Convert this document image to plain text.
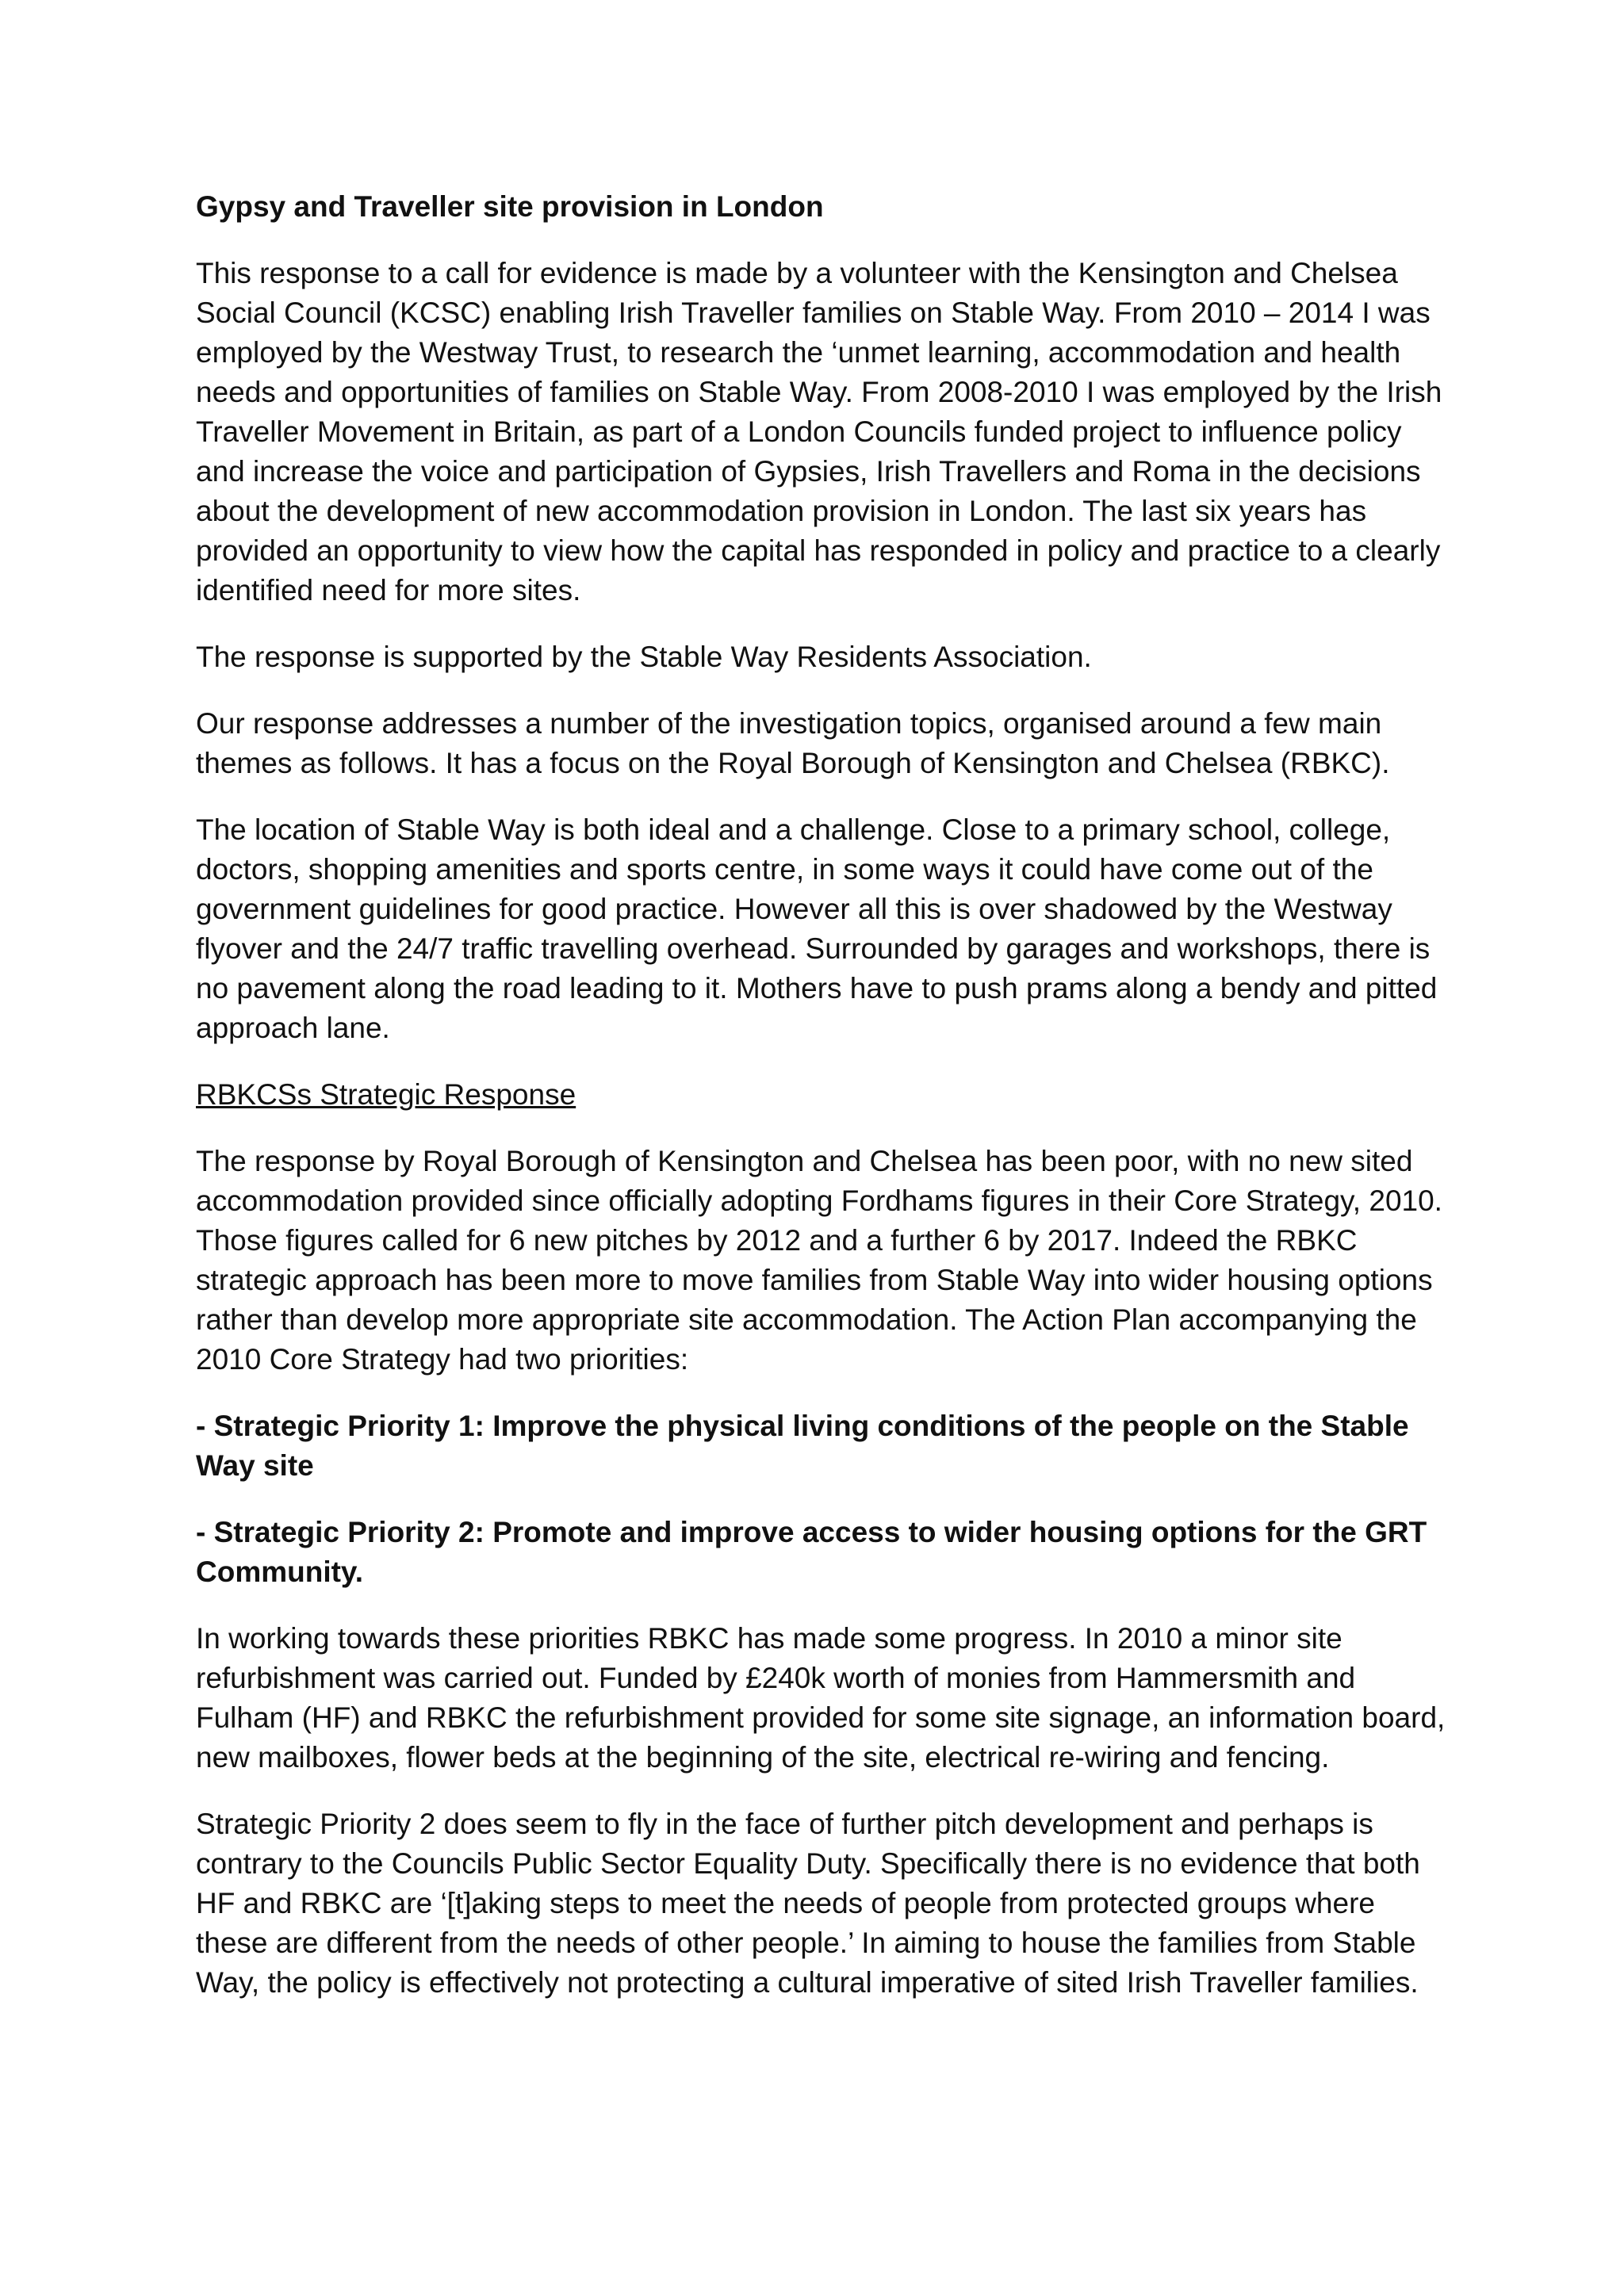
Gypsy and Traveller site provision in London

This response to a call for evidence is made by a volunteer with the Kensington and Chelsea Social Council (KCSC) enabling Irish Traveller families on Stable Way. From 2010 – 2014 I was employed by the Westway Trust, to research the ‘unmet learning, accommodation and health needs and opportunities of families on Stable Way. From 2008-2010 I was employed by the Irish Traveller Movement in Britain, as part of a London Councils funded project to influence policy and increase the voice and participation of Gypsies, Irish Travellers and Roma in the decisions about the development of new accommodation provision in London. The last six years has provided an opportunity to view how the capital has responded in policy and practice to a clearly identified need for more sites.

The response is supported by the Stable Way Residents Association.

Our response addresses a number of the investigation topics, organised around a few main themes as follows. It has a focus on the Royal Borough of Kensington and Chelsea (RBKC).

The location of Stable Way is both ideal and a challenge. Close to a primary school, college, doctors, shopping amenities and sports centre, in some ways it could have come out of the government guidelines for good practice. However all this is over shadowed by the Westway flyover and the 24/7 traffic travelling overhead. Surrounded by garages and workshops, there is no pavement along the road leading to it. Mothers have to push prams along a bendy and pitted approach lane.

RBKCSs Strategic Response

The response by Royal Borough of Kensington and Chelsea has been poor, with no new sited accommodation provided since officially adopting Fordhams figures in their Core Strategy, 2010. Those figures called for 6 new pitches by 2012 and a further 6 by 2017. Indeed the RBKC strategic approach has been more to move families from Stable Way into wider housing options rather than develop more appropriate site accommodation. The Action Plan accompanying the 2010 Core Strategy had two priorities:

- Strategic Priority 1: Improve the physical living conditions of the people on the Stable Way site

- Strategic Priority 2: Promote and improve access to wider housing options for the GRT Community.

In working towards these priorities RBKC has made some progress. In 2010 a minor site refurbishment was carried out. Funded by £240k worth of monies from Hammersmith and Fulham (HF) and RBKC the refurbishment provided for some site signage, an information board, new mailboxes, flower beds at the beginning of the site, electrical re-wiring and fencing.

Strategic Priority 2 does seem to fly in the face of further pitch development and perhaps is contrary to the Councils Public Sector Equality Duty. Specifically there is no evidence that both HF and RBKC are ‘[t]aking steps to meet the needs of people from protected groups where these are different from the needs of other people.’ In aiming to house the families from Stable Way, the policy is effectively not protecting a cultural imperative of sited Irish Traveller families.
